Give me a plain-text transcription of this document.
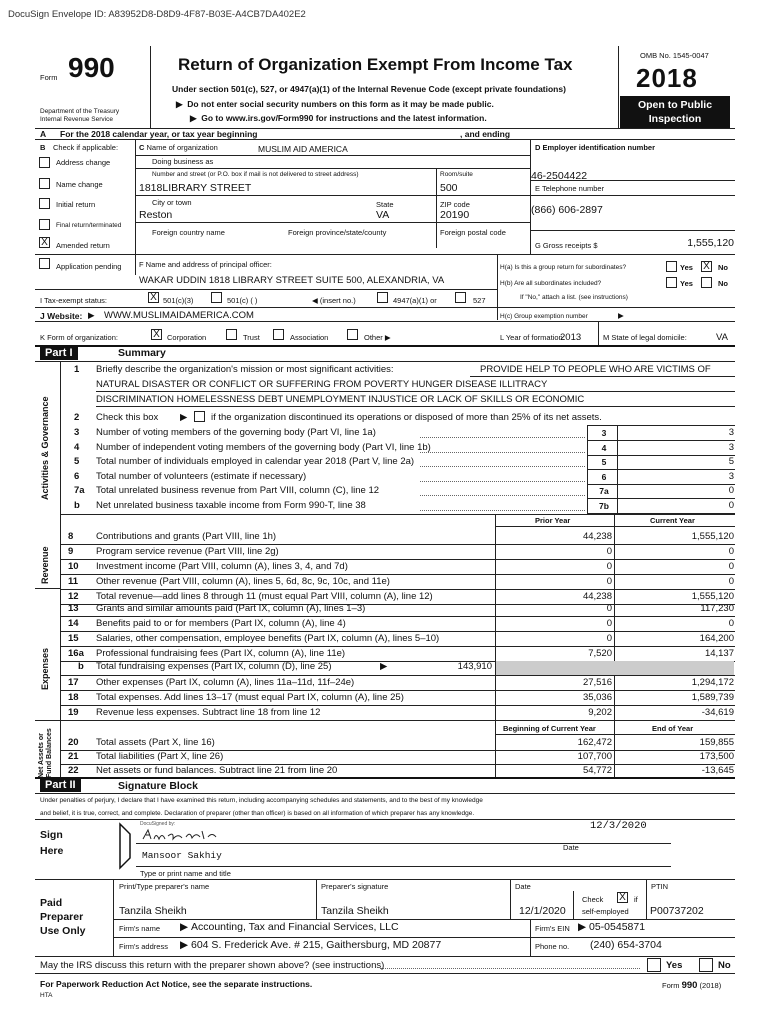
DocuSign Envelope ID: A83952D8-D8D9-4F87-B03E-A4CB7DA402E2
Form 990
Department of the Treasury
Internal Revenue Service
Return of Organization Exempt From Income Tax
Under section 501(c), 527, or 4947(a)(1) of the Internal Revenue Code (except private foundations)
▶  Do not enter social security numbers on this form as it may be made public.
▶  Go to www.irs.gov/Form990 for instructions and the latest information.
OMB No. 1545-0047
2018
Open to Public
Inspection
A For the 2018 calendar year, or tax year beginning	, and ending
B Check if applicable:
Address change
Name change
Initial return
Final return/terminated
X Amended return
Application pending
C Name of organization	MUSLIM AID AMERICA
Doing business as
Number and street (or P.O. box if mail is not delivered to street address)	Room/suite
1818LIBRARY STREET	500
City or town	State	ZIP code
Reston	VA	20190
Foreign country name	Foreign province/state/county	Foreign postal code
D Employer identification number
46-2504422
E Telephone number
(866) 606-2897
G Gross receipts $	1,555,120
F Name and address of principal officer:
WAKAR UDDIN 1818 LIBRARY STREET SUITE 500, ALEXANDRIA, VA
H(a) Is this a group return for subordinates?	Yes X No
H(b) Are all subordinates included?	Yes	No
If "No," attach a list. (see instructions)
I Tax-exempt status:	X 501(c)(3)	501(c) ( )	◀ (insert no.)	4947(a)(1) or	527
J Website: ▶ WWW.MUSLIMAIDAMERICA.COM	H(c) Group exemption number	▶
K Form of organization:	X Corporation	Trust	Association	Other ▶	L Year of formation:
2013	M State of legal domicile:	VA
Part I	Summary
Activities & Governance
Revenue
Expenses
Net Assets or Fund Balances
1 Briefly describe the organization's mission or most significant activities:	PROVIDE HELP TO PEOPLE WHO ARE VICTIMS OF
NATURAL DISASTER OR CONFLICT OR SUFFERING FROM POVERTY HUNGER DISEASE ILLITRACY
DISCRIMINATION HOMELESSNESS DEBT UNEMPLOYMENT INJUSTICE OR LACK OF SKILLS OR ECONOMIC
2 Check this box ▶ if the organization discontinued its operations or disposed of more than 25% of its net assets.
3 Number of voting members of the governing body (Part VI, line 1a)	3	3
4 Number of independent voting members of the governing body (Part VI, line 1b)	4	3
5 Total number of individuals employed in calendar year 2018 (Part V, line 2a)	5	5
6 Total number of volunteers (estimate if necessary)	6	3
7a Total unrelated business revenue from Part VIII, column (C), line 12	7a	0
b Net unrelated business taxable income from Form 990-T, line 38	7b	0
Prior Year	Current Year
8 Contributions and grants (Part VIII, line 1h)	44,238	1,555,120
9 Program service revenue (Part VIII, line 2g)	0	0
10 Investment income (Part VIII, column (A), lines 3, 4, and 7d)	0	0
11 Other revenue (Part VIII, column (A), lines 5, 6d, 8c, 9c, 10c, and 11e)	0	0
12 Total revenue—add lines 8 through 11 (must equal Part VIII, column (A), line 12)	44,238	1,555,120
13 Grants and similar amounts paid (Part IX, column (A), lines 1–3)	0	117,230
14 Benefits paid to or for members (Part IX, column (A), line 4)	0	0
15 Salaries, other compensation, employee benefits (Part IX, column (A), lines 5–10)	0	164,200
16a Professional fundraising fees (Part IX, column (A), line 11e)	7,520	14,137
b Total fundraising expenses (Part IX, column (D), line 25)	▶	143,910
17 Other expenses (Part IX, column (A), lines 11a–11d, 11f–24e)	27,516	1,294,172
18 Total expenses. Add lines 13–17 (must equal Part IX, column (A), line 25)	35,036	1,589,739
19 Revenue less expenses. Subtract line 18 from line 12	9,202	-34,619
20 Total assets (Part X, line 16)	162,472	159,855
21 Total liabilities (Part X, line 26)	107,700	173,500
22 Net assets or fund balances. Subtract line 21 from line 20	54,772	-13,645
Beginning of Current Year	End of Year
Part II	Signature Block
Under penalties of perjury, I declare that I have examined this return, including accompanying schedules and statements, and to the best of my knowledge
and belief, it is true, correct, and complete. Declaration of preparer (other than officer) is based on all information of which preparer has any knowledge.
Sign
Here
DocuSigned by:	12/3/2020
Date
Mansoor Sakhiy
Type or print name and title
Paid
Preparer
Use Only
Print/Type preparer's name	Preparer's signature	Date
Check X if
self-employed
PTIN
Tanzila Sheikh	Tanzila Sheikh	12/1/2020	P00737202
Firm's name ▶ Accounting, Tax and Financial Services, LLC	Firm's EIN ▶ 05-0545871
Firm's address ▶ 604 S. Frederick Ave. # 215, Gaithersburg, MD 20877	Phone no. (240) 654-3704
May the IRS discuss this return with the preparer shown above? (see instructions)	Yes	No
For Paperwork Reduction Act Notice, see the separate instructions.
HTA
Form 990 (2018)
